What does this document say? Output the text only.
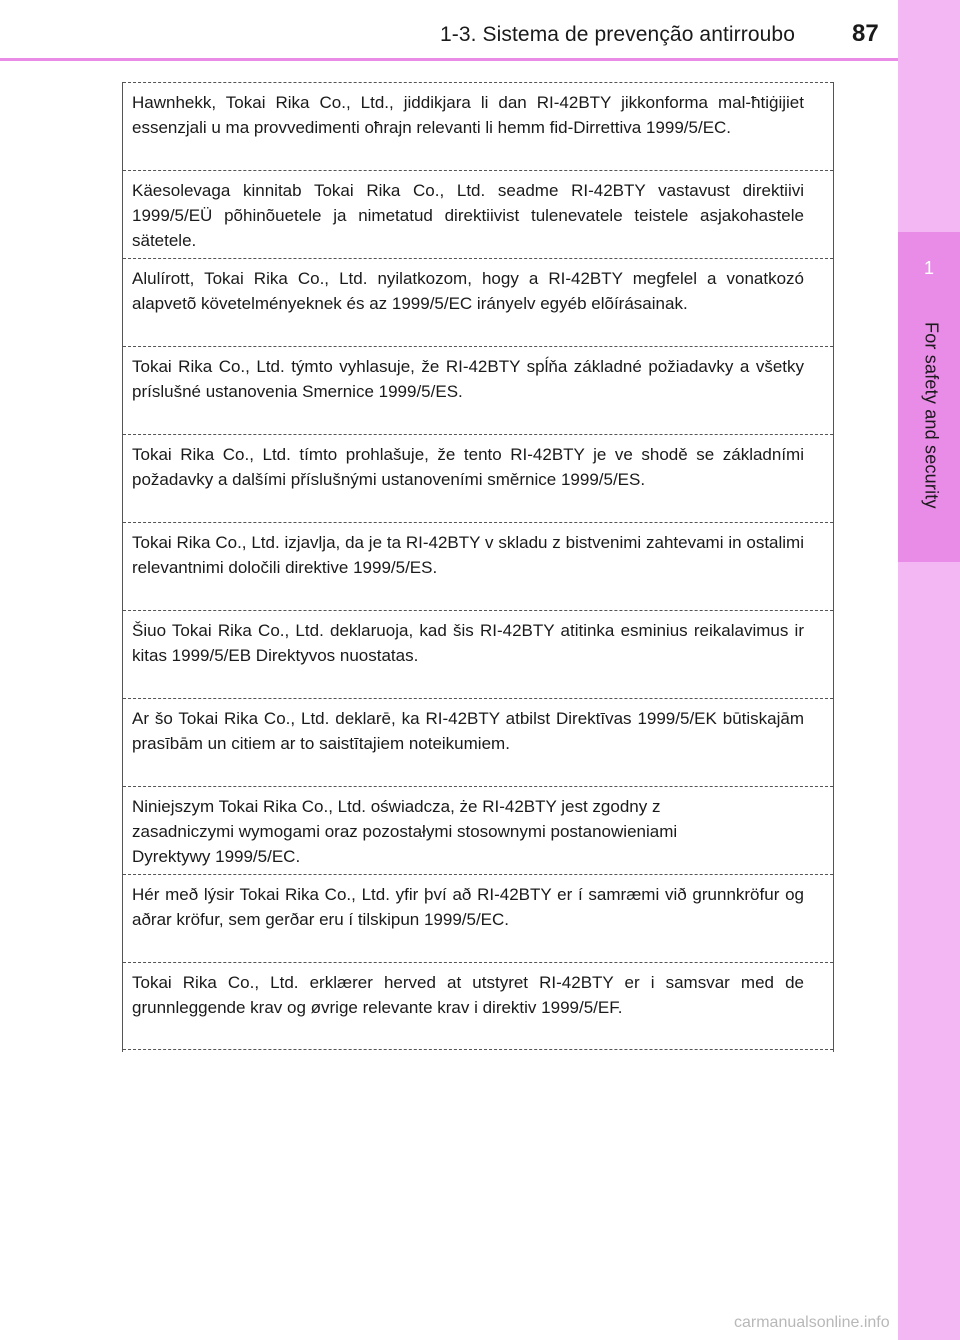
1
For safety and security
1-3. Sistema de prevenção antirroubo 87
Hawnhekk, Tokai Rika Co., Ltd., jiddikjara li dan RI-42BTY jikkonforma mal-ħtiġijiet essenzjali u ma provvedimenti oħrajn relevanti li hemm fid-Dirrettiva 1999/5/EC.
Käesolevaga kinnitab Tokai Rika Co., Ltd. seadme RI-42BTY vastavust direktiivi 1999/5/EÜ põhinõuetele ja nimetatud direktiivist tulenevatele teistele asjakohastele sätetele.
Alulírott, Tokai Rika Co., Ltd. nyilatkozom, hogy a RI-42BTY megfelel a vonatkozó alapvetõ követelményeknek és az 1999/5/EC irányelv egyéb elõírásainak.
Tokai Rika Co., Ltd. týmto vyhlasuje, že RI-42BTY spĺňa základné požiadavky a všetky príslušné ustanovenia Smernice 1999/5/ES.
Tokai Rika Co., Ltd. tímto prohlašuje, že tento RI-42BTY je ve shodě se základními požadavky a dalšími příslušnými ustanoveními směrnice 1999/5/ES.
Tokai Rika Co., Ltd. izjavlja, da je ta RI-42BTY v skladu z bistvenimi zahtevami in ostalimi relevantnimi določili direktive 1999/5/ES.
Šiuo Tokai Rika Co., Ltd. deklaruoja, kad šis RI-42BTY atitinka esminius reikalavimus ir kitas 1999/5/EB Direktyvos nuostatas.
Ar šo Tokai Rika Co., Ltd. deklarē, ka RI-42BTY atbilst Direktīvas 1999/5/EK būtiskajām prasībām un citiem ar to saistītajiem noteikumiem.
Niniejszym Tokai Rika Co., Ltd. oświadcza, że RI-42BTY jest zgodny z zasadniczymi wymogami oraz pozostałymi stosownymi postanowieniami Dyrektywy 1999/5/EC.
Hér með lýsir Tokai Rika Co., Ltd. yfir því að RI-42BTY er í samræmi við grunnkröfur og aðrar kröfur, sem gerðar eru í tilskipun 1999/5/EC.
Tokai Rika Co., Ltd. erklærer herved at utstyret RI-42BTY er i samsvar med de grunnleggende krav og øvrige relevante krav i direktiv 1999/5/EF.
carmanualsonline.info
